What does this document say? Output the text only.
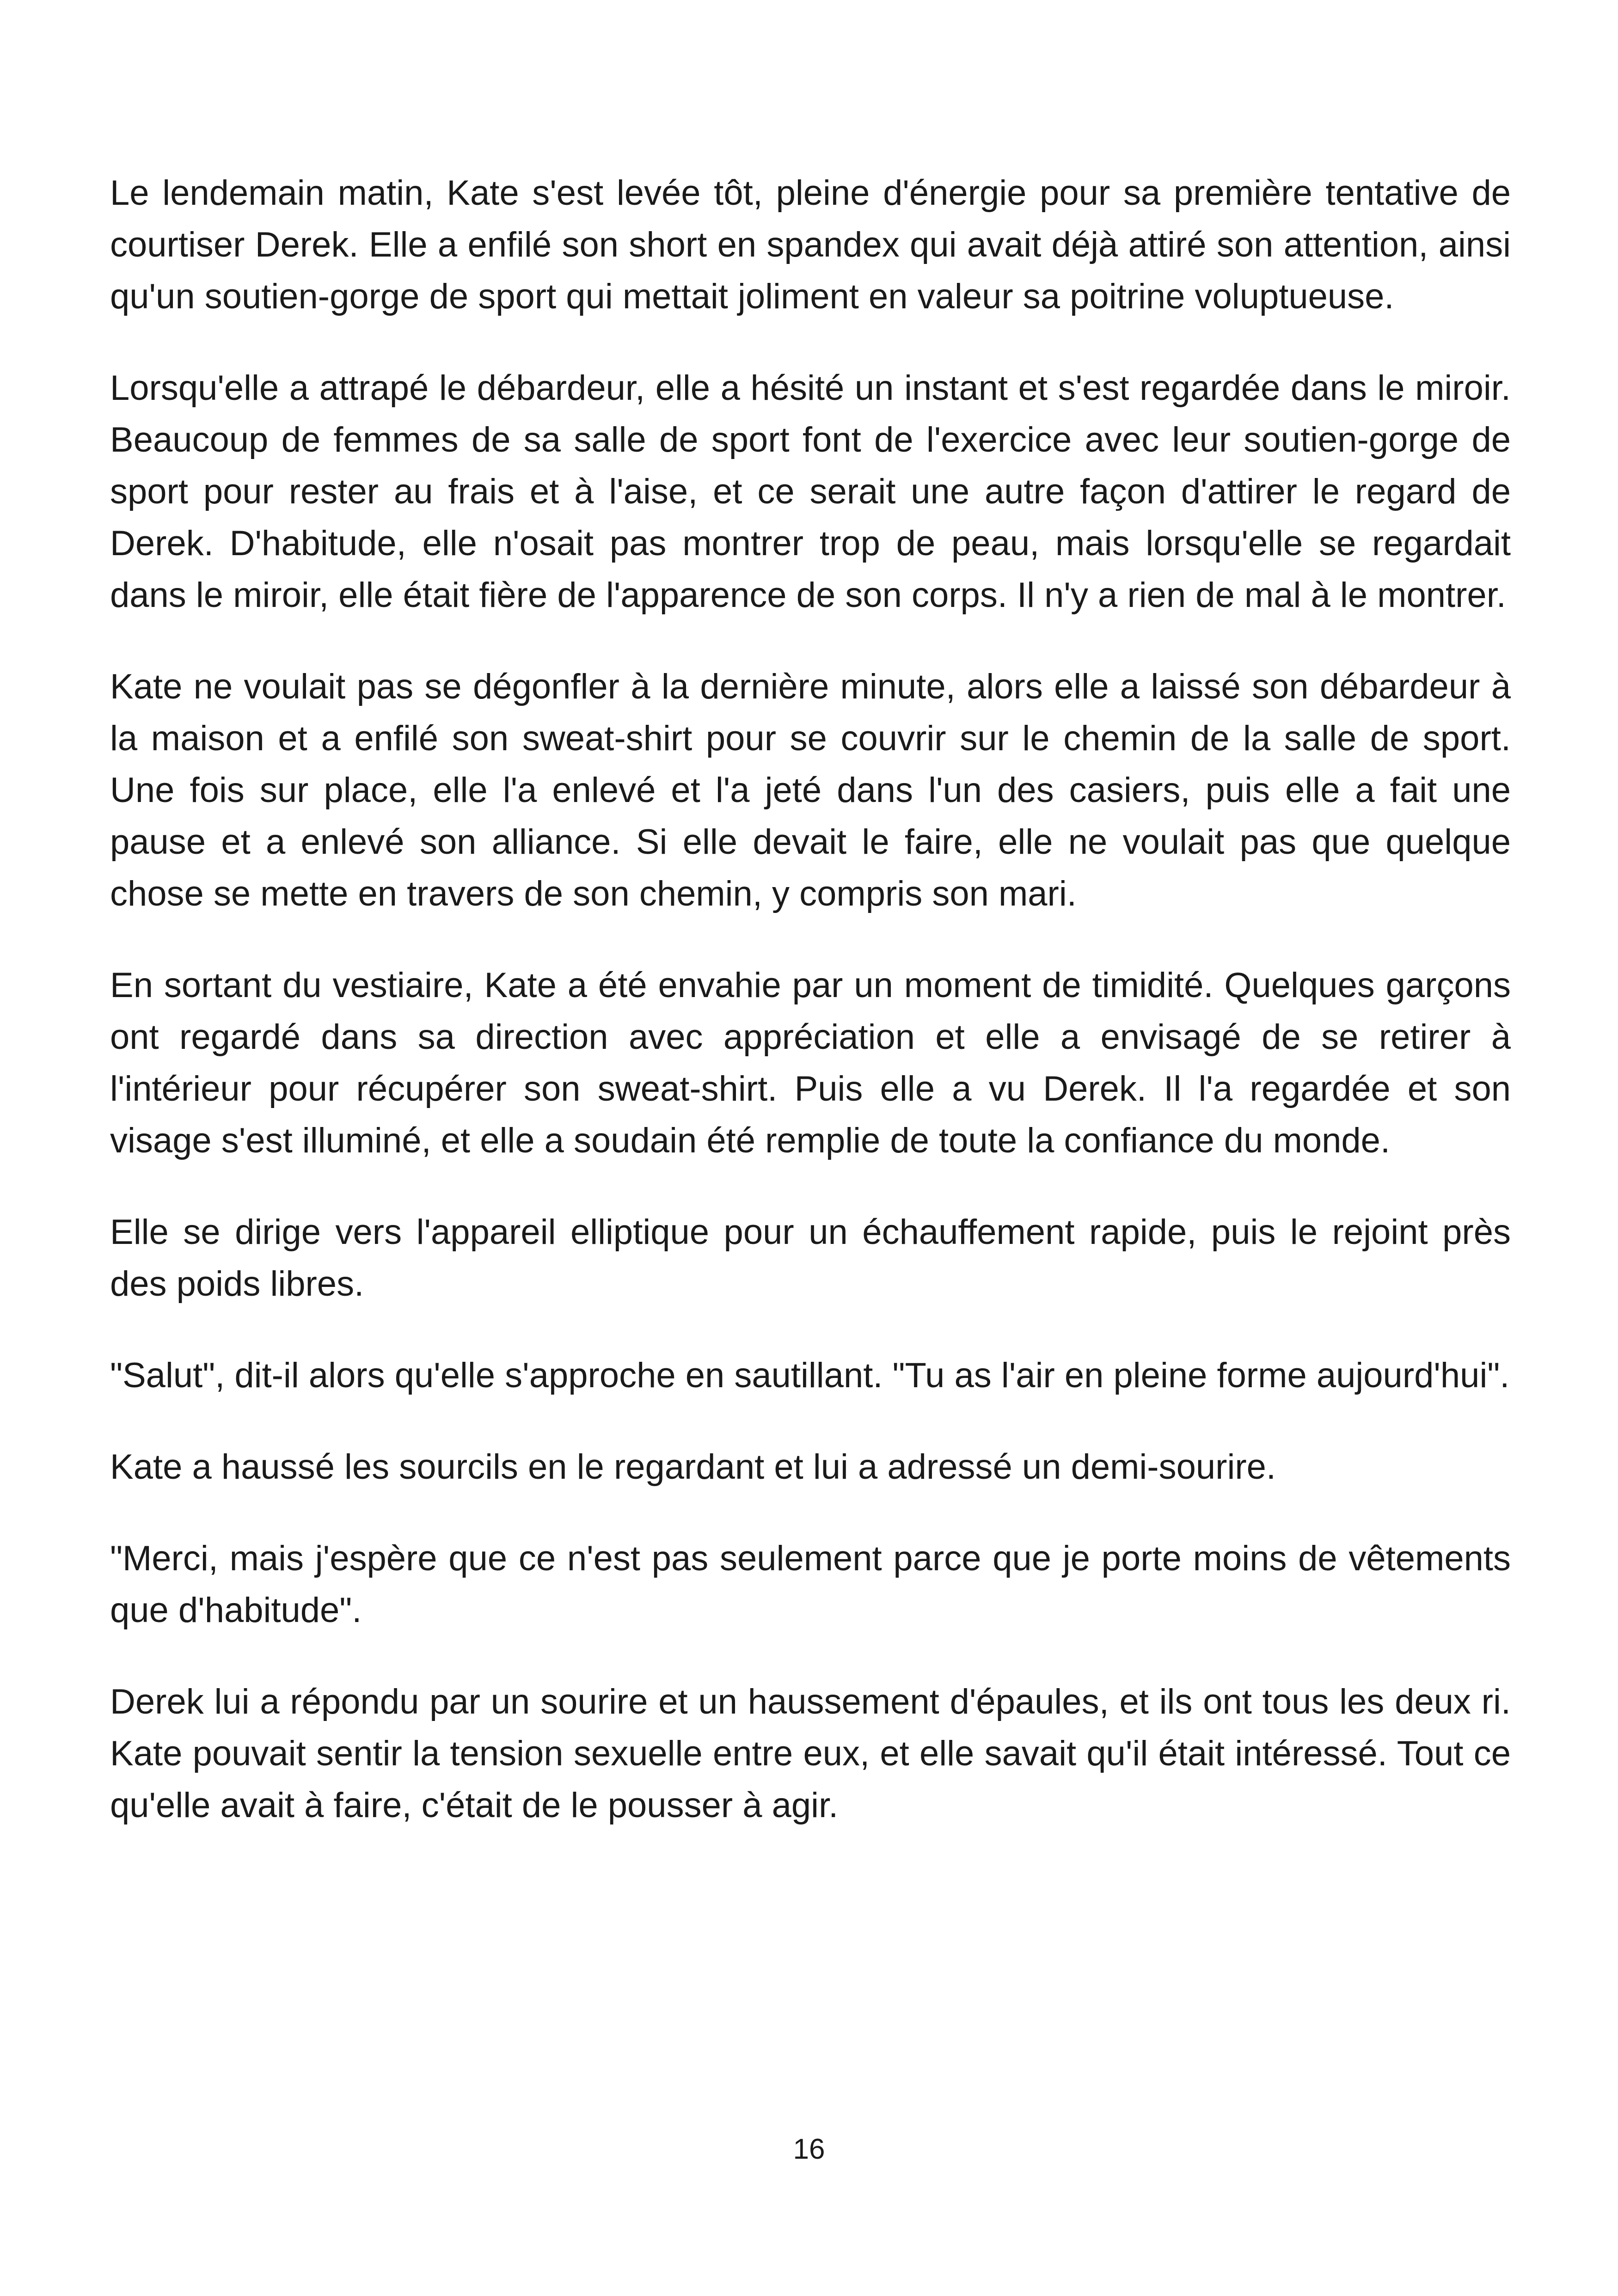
Le lendemain matin, Kate s'est levée tôt, pleine d'énergie pour sa première tentative de courtiser Derek. Elle a enfilé son short en spandex qui avait déjà attiré son attention, ainsi qu'un soutien-gorge de sport qui mettait joliment en valeur sa poitrine voluptueuse.

Lorsqu'elle a attrapé le débardeur, elle a hésité un instant et s'est regardée dans le miroir. Beaucoup de femmes de sa salle de sport font de l'exercice avec leur soutien-gorge de sport pour rester au frais et à l'aise, et ce serait une autre façon d'attirer le regard de Derek. D'habitude, elle n'osait pas montrer trop de peau, mais lorsqu'elle se regardait dans le miroir, elle était fière de l'apparence de son corps. Il n'y a rien de mal à le montrer.

Kate ne voulait pas se dégonfler à la dernière minute, alors elle a laissé son débardeur à la maison et a enfilé son sweat-shirt pour se couvrir sur le chemin de la salle de sport. Une fois sur place, elle l'a enlevé et l'a jeté dans l'un des casiers, puis elle a fait une pause et a enlevé son alliance. Si elle devait le faire, elle ne voulait pas que quelque chose se mette en travers de son chemin, y compris son mari.

En sortant du vestiaire, Kate a été envahie par un moment de timidité. Quelques garçons ont regardé dans sa direction avec appréciation et elle a envisagé de se retirer à l'intérieur pour récupérer son sweat-shirt. Puis elle a vu Derek. Il l'a regardée et son visage s'est illuminé, et elle a soudain été remplie de toute la confiance du monde.

Elle se dirige vers l'appareil elliptique pour un échauffement rapide, puis le rejoint près des poids libres.

"Salut", dit-il alors qu'elle s'approche en sautillant. "Tu as l'air en pleine forme aujourd'hui".

Kate a haussé les sourcils en le regardant et lui a adressé un demi-sourire.

"Merci, mais j'espère que ce n'est pas seulement parce que je porte moins de vêtements que d'habitude".

Derek lui a répondu par un sourire et un haussement d'épaules, et ils ont tous les deux ri. Kate pouvait sentir la tension sexuelle entre eux, et elle savait qu'il était intéressé. Tout ce qu'elle avait à faire, c'était de le pousser à agir.

16
